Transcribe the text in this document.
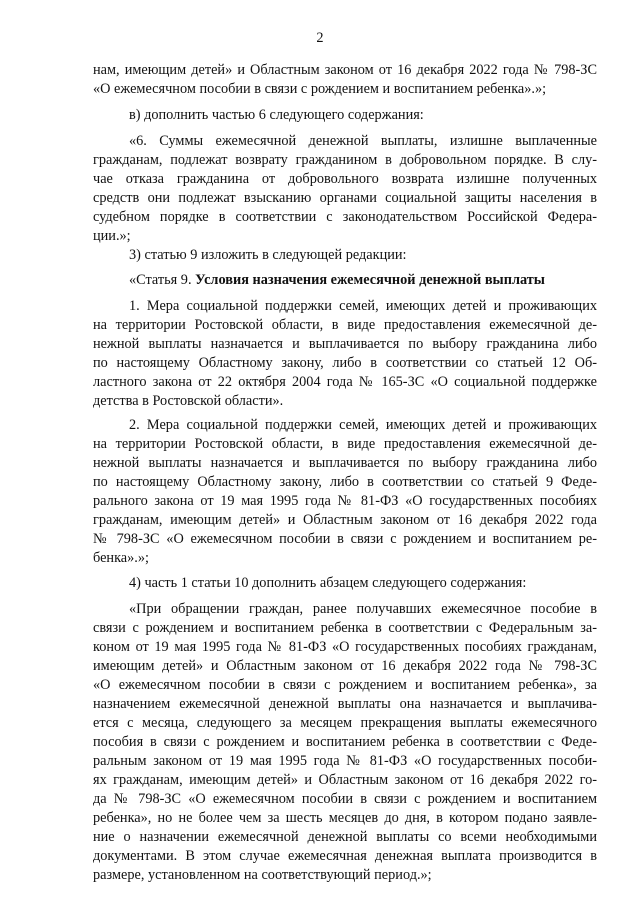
2
нам, имеющим детей» и Областным законом от 16 декабря 2022 года № 798-ЗС
«О ежемесячном пособии в связи с рождением и воспитанием ребенка».»;
в) дополнить частью 6 следующего содержания:
«6. Суммы ежемесячной денежной выплаты, излишне выплаченные
гражданам, подлежат возврату гражданином в добровольном порядке. В слу-
чае отказа гражданина от добровольного возврата излишне полученных
средств они подлежат взысканию органами социальной защиты населения в
судебном порядке в соответствии с законодательством Российской Федера-
ции.»;
3) статью 9 изложить в следующей редакции:
«Статья 9. Условия назначения ежемесячной денежной выплаты
1. Мера социальной поддержки семей, имеющих детей и проживающих
на территории Ростовской области, в виде предоставления ежемесячной де-
нежной выплаты назначается и выплачивается по выбору гражданина либо
по настоящему Областному закону, либо в соответствии со статьей 12 Об-
ластного закона от 22 октября 2004 года № 165-ЗС «О социальной поддержке
детства в Ростовской области».
2. Мера социальной поддержки семей, имеющих детей и проживающих
на территории Ростовской области, в виде предоставления ежемесячной де-
нежной выплаты назначается и выплачивается по выбору гражданина либо
по настоящему Областному закону, либо в соответствии со статьей 9 Феде-
рального закона от 19 мая 1995 года № 81-ФЗ «О государственных пособиях
гражданам, имеющим детей» и Областным законом от 16 декабря 2022 года
№ 798-ЗС «О ежемесячном пособии в связи с рождением и воспитанием ре-
бенка».»;
4) часть 1 статьи 10 дополнить абзацем следующего содержания:
«При обращении граждан, ранее получавших ежемесячное пособие в
связи с рождением и воспитанием ребенка в соответствии с Федеральным за-
коном от 19 мая 1995 года № 81-ФЗ «О государственных пособиях гражданам,
имеющим детей» и Областным законом от 16 декабря 2022 года № 798-ЗС
«О ежемесячном пособии в связи с рождением и воспитанием ребенка», за
назначением ежемесячной денежной выплаты она назначается и выплачива-
ется с месяца, следующего за месяцем прекращения выплаты ежемесячного
пособия в связи с рождением и воспитанием ребенка в соответствии с Феде-
ральным законом от 19 мая 1995 года № 81-ФЗ «О государственных пособи-
ях гражданам, имеющим детей» и Областным законом от 16 декабря 2022 го-
да № 798-ЗС «О ежемесячном пособии в связи с рождением и воспитанием
ребенка», но не более чем за шесть месяцев до дня, в котором подано заявле-
ние о назначении ежемесячной денежной выплаты со всеми необходимыми
документами. В этом случае ежемесячная денежная выплата производится в
размере, установленном на соответствующий период.»;
